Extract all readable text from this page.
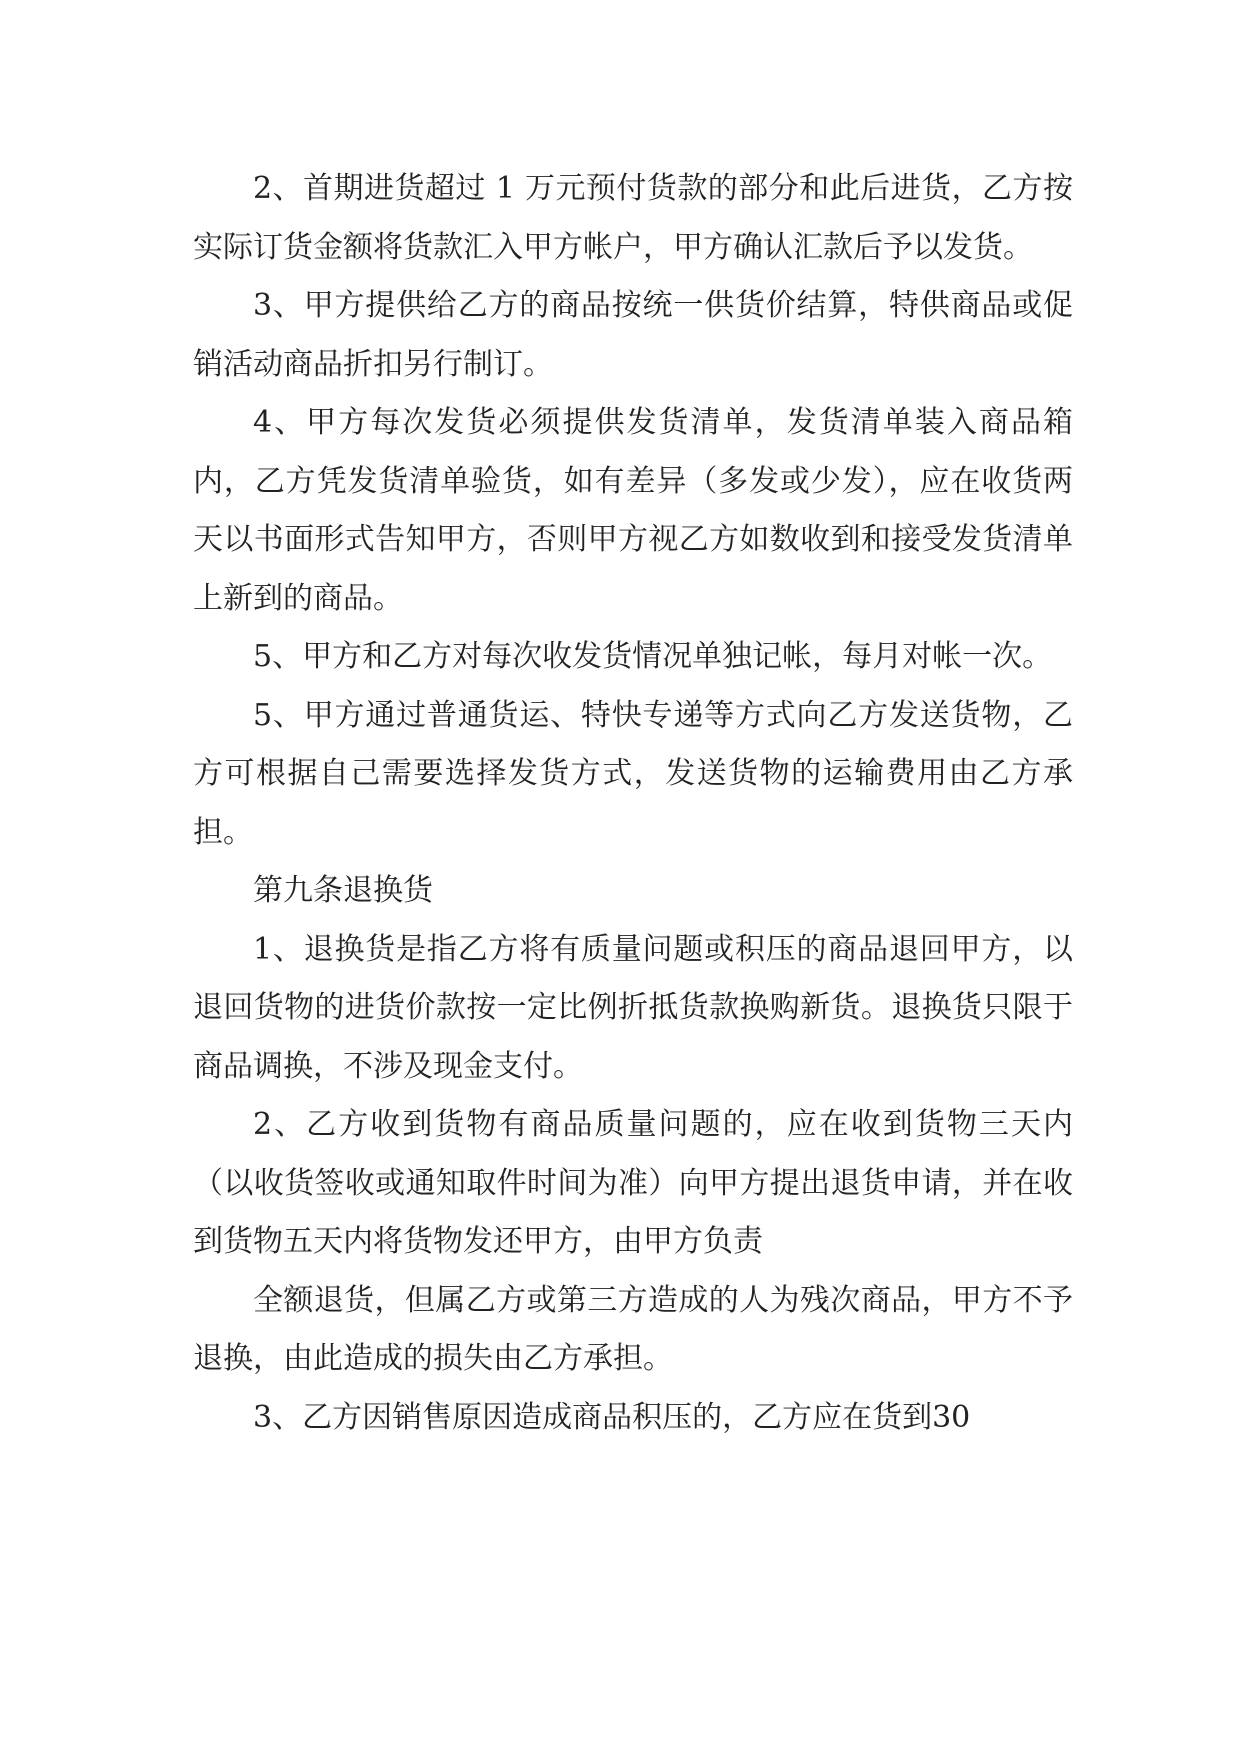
2、首期进货超过 1 万元预付货款的部分和此后进货，乙方按实际订货金额将货款汇入甲方帐户，甲方确认汇款后予以发货。

3、甲方提供给乙方的商品按统一供货价结算，特供商品或促销活动商品折扣另行制订。

4、甲方每次发货必须提供发货清单，发货清单装入商品箱内，乙方凭发货清单验货，如有差异（多发或少发），应在收货两天以书面形式告知甲方，否则甲方视乙方如数收到和接受发货清单上新到的商品。

5、甲方和乙方对每次收发货情况单独记帐，每月对帐一次。

5、甲方通过普通货运、特快专递等方式向乙方发送货物，乙方可根据自己需要选择发货方式，发送货物的运输费用由乙方承担。

第九条退换货

1、退换货是指乙方将有质量问题或积压的商品退回甲方，以退回货物的进货价款按一定比例折抵货款换购新货。退换货只限于商品调换，不涉及现金支付。

2、乙方收到货物有商品质量问题的，应在收到货物三天内（以收货签收或通知取件时间为准）向甲方提出退货申请，并在收到货物五天内将货物发还甲方，由甲方负责

全额退货，但属乙方或第三方造成的人为残次商品，甲方不予退换，由此造成的损失由乙方承担。

3、乙方因销售原因造成商品积压的，乙方应在货到30
